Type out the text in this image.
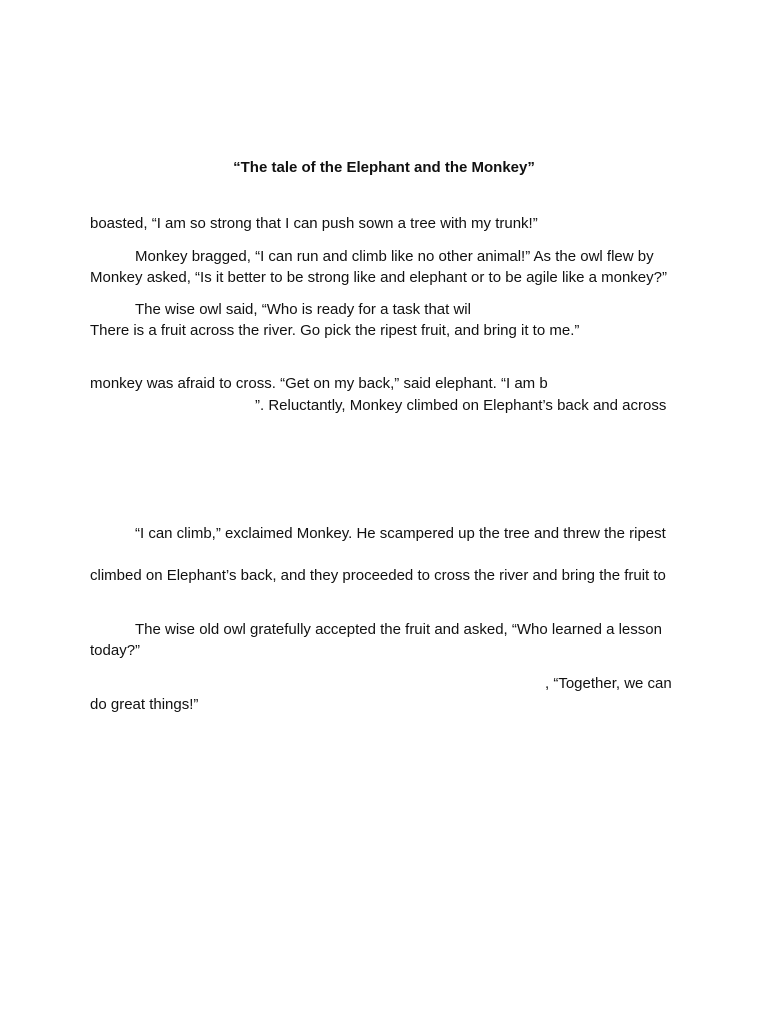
“The tale of the Elephant and the Monkey”
boasted, “I am so strong that I can push sown a tree with my trunk!”
Monkey bragged, “I can run and climb like no other animal!” As the owl flew by
Monkey asked, “Is it better to be strong like and elephant or to be agile like a monkey?”
The wise owl said, “Who is ready for a task that wil
There is a fruit across the river. Go pick the ripest fruit, and bring it to me.”
monkey was afraid to cross. “Get on my back,” said elephant. “I am b
”. Reluctantly, Monkey climbed on Elephant’s back and across
“I can climb,” exclaimed Monkey. He scampered up the tree and threw the ripest
climbed on Elephant’s back, and they proceeded to cross the river and bring the fruit to
The wise old owl gratefully accepted the fruit and asked, “Who learned a lesson
today?”
, “Together, we can
do great things!”
